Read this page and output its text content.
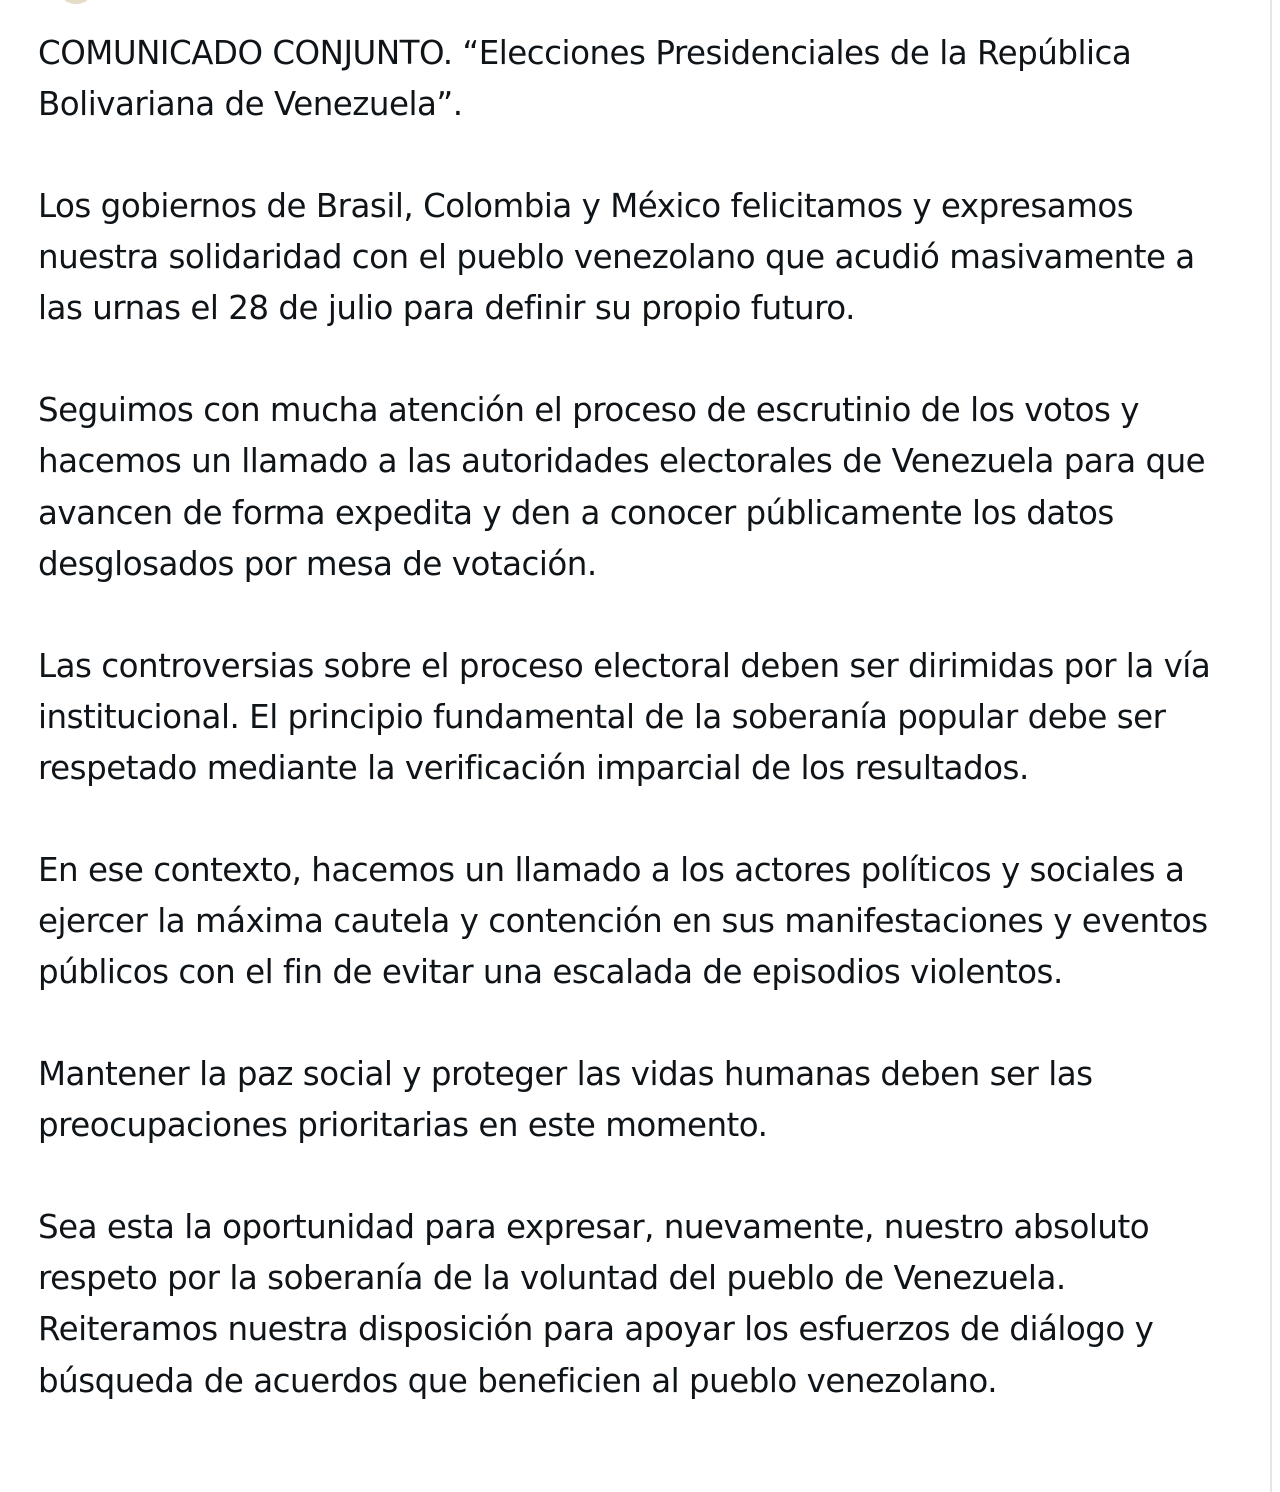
COMUNICADO CONJUNTO. “Elecciones Presidenciales de la República Bolivariana de Venezuela”.

Los gobiernos de Brasil, Colombia y México felicitamos y expresamos nuestra solidaridad con el pueblo venezolano que acudió masivamente a las urnas el 28 de julio para definir su propio futuro.

Seguimos con mucha atención el proceso de escrutinio de los votos y hacemos un llamado a las autoridades electorales de Venezuela para que avancen de forma expedita y den a conocer públicamente los datos desglosados por mesa de votación.

Las controversias sobre el proceso electoral deben ser dirimidas por la vía institucional. El principio fundamental de la soberanía popular debe ser respetado mediante la verificación imparcial de los resultados.

En ese contexto, hacemos un llamado a los actores políticos y sociales a ejercer la máxima cautela y contención en sus manifestaciones y eventos públicos con el fin de evitar una escalada de episodios violentos.

Mantener la paz social y proteger las vidas humanas deben ser las preocupaciones prioritarias en este momento.

Sea esta la oportunidad para expresar, nuevamente, nuestro absoluto respeto por la soberanía de la voluntad del pueblo de Venezuela. Reiteramos nuestra disposición para apoyar los esfuerzos de diálogo y búsqueda de acuerdos que beneficien al pueblo venezolano.
